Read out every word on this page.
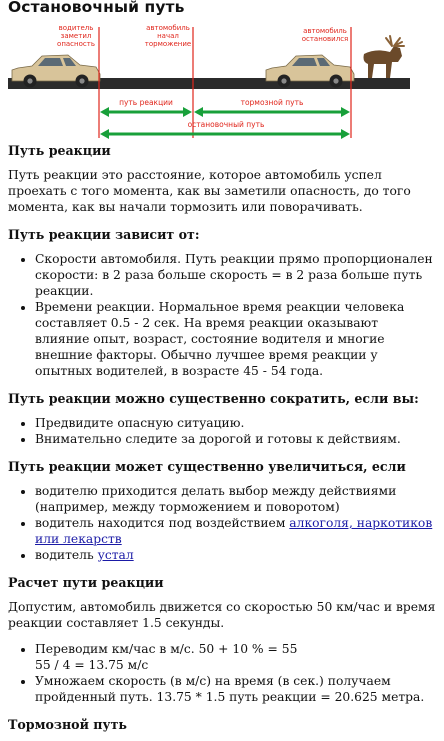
Остановочный путь
водитель
заметил
опасность
автомобиль
начал
торможение
автомобиль
остановился
путь реакции	тормозной путь
остановочный путь
Путь реакции

Путь реакции это расстояние, которое автомобиль успел проехать с того момента, как вы заметили опасность, до того момента, как вы начали тормозить или поворачивать.

Путь реакции зависит от:
• Скорости автомобиля. Путь реакции прямо пропорционален скорости: в 2 раза больше скорость = в 2 раза больше путь реакции.
• Времени реакции. Нормальное время реакции человека составляет 0.5 - 2 сек. На время реакции оказывают влияние опыт, возраст, состояние водителя и многие внешние факторы. Обычно лучшее время реакции у опытных водителей, в возрасте 45 - 54 года.
Путь реакции можно существенно сократить, если вы:
• Предвидите опасную ситуацию.
• Внимательно следите за дорогой и готовы к действиям.
Путь реакции может существенно увеличиться, если
• водителю приходится делать выбор между действиями (например, между торможением и поворотом)
• водитель находится под воздействием алкоголя, наркотиков или лекарств
• водитель устал
Расчет пути реакции

Допустим, автомобиль движется со скоростью 50 км/час и время реакции составляет 1.5 секунды.

• Переводим км/час в м/с. 50 + 10 % = 55
55 / 4 = 13.75 м/с
• Умножаем скорость (в м/с) на время (в сек.) получаем пройденный путь. 13.75 * 1.5 путь реакции = 20.625 метра.
Тормозной путь
